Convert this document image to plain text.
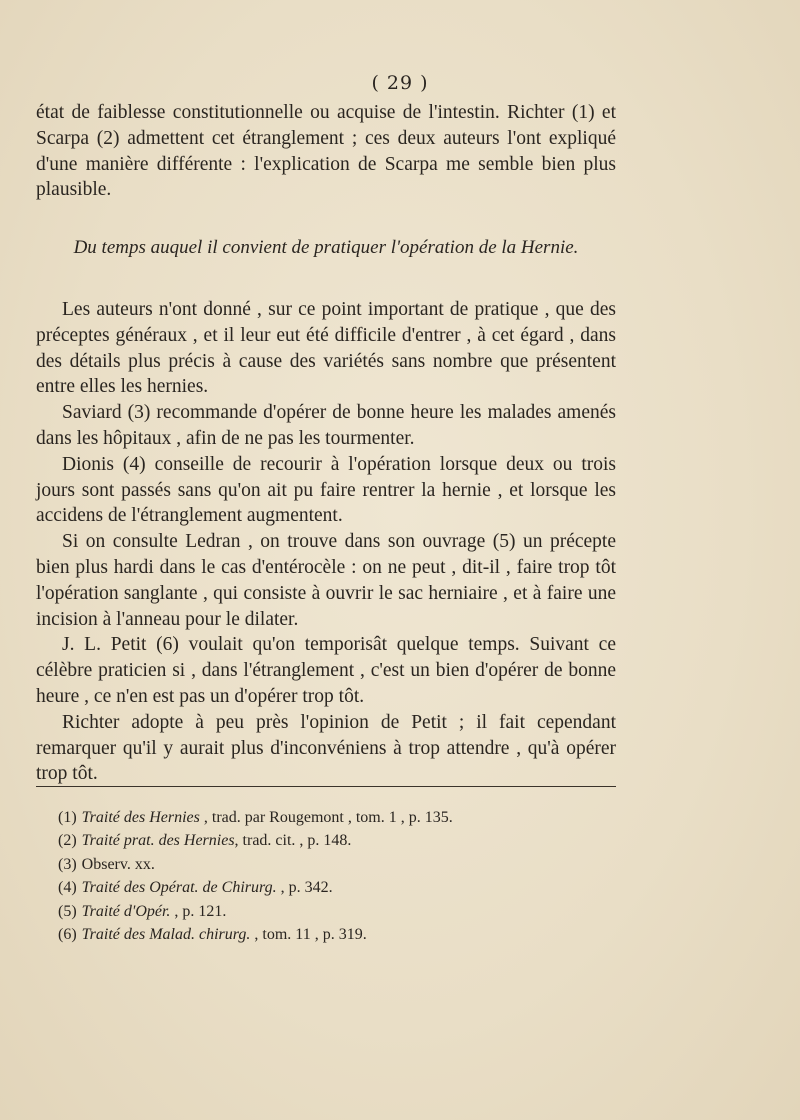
( 29 )

état de faiblesse constitutionnelle ou acquise de l'intestin. Richter (1) et Scarpa (2) admettent cet étranglement ; ces deux auteurs l'ont expliqué d'une manière différente : l'explication de Scarpa me semble bien plus plausible.

Du temps auquel il convient de pratiquer l'opération de la Hernie.

Les auteurs n'ont donné , sur ce point important de pratique , que des préceptes généraux , et il leur eut été difficile d'entrer , à cet égard , dans des détails plus précis à cause des variétés sans nombre que présentent entre elles les hernies.

Saviard (3) recommande d'opérer de bonne heure les malades amenés dans les hôpitaux , afin de ne pas les tourmenter.

Dionis (4) conseille de recourir à l'opération lorsque deux ou trois jours sont passés sans qu'on ait pu faire rentrer la hernie , et lorsque les accidens de l'étranglement augmentent.

Si on consulte Ledran , on trouve dans son ouvrage (5) un précepte bien plus hardi dans le cas d'entérocèle : on ne peut , dit-il , faire trop tôt l'opération sanglante , qui consiste à ouvrir le sac herniaire , et à faire une incision à l'anneau pour le dilater.

J. L. Petit (6) voulait qu'on temporisât quelque temps. Suivant ce célèbre praticien si , dans l'étranglement , c'est un bien d'opérer de bonne heure , ce n'en est pas un d'opérer trop tôt.

Richter adopte à peu près l'opinion de Petit ; il fait cependant remarquer qu'il y aurait plus d'inconvéniens à trop attendre , qu'à opérer trop tôt.

(1) Traité des Hernies , trad. par Rougemont , tom. 1 , p. 135.
(2) Traité prat. des Hernies, trad. cit. , p. 148.
(3) Observ. xx.
(4) Traité des Opérat. de Chirurg. , p. 342.
(5) Traité d'Opér. , p. 121.
(6) Traité des Malad. chirurg. , tom. 11 , p. 319.
